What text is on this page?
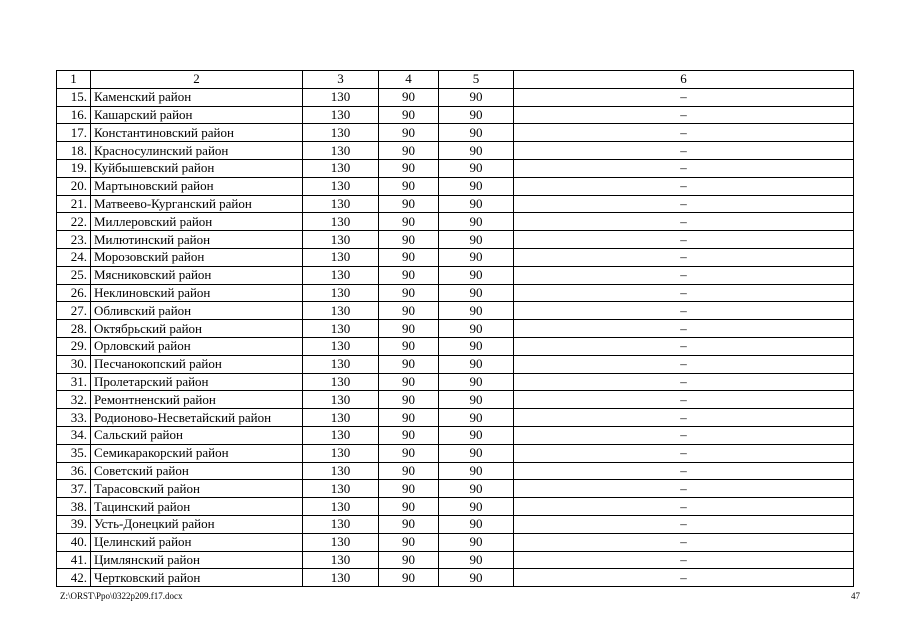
1	2	3	4	5	6
15.	Каменский район	130	90	90	–
16.	Кашарский район	130	90	90	–
17.	Константиновский район	130	90	90	–
18.	Красносулинский район	130	90	90	–
19.	Куйбышевский район	130	90	90	–
20.	Мартыновский район	130	90	90	–
21.	Матвеево-Курганский район	130	90	90	–
22.	Миллеровский район	130	90	90	–
23.	Милютинский район	130	90	90	–
24.	Морозовский район	130	90	90	–
25.	Мясниковский район	130	90	90	–
26.	Неклиновский район	130	90	90	–
27.	Обливский район	130	90	90	–
28.	Октябрьский район	130	90	90	–
29.	Орловский район	130	90	90	–
30.	Песчанокопский район	130	90	90	–
31.	Пролетарский район	130	90	90	–
32.	Ремонтненский район	130	90	90	–
33.	Родионово-Несветайский район	130	90	90	–
34.	Сальский район	130	90	90	–
35.	Семикаракорский район	130	90	90	–
36.	Советский район	130	90	90	–
37.	Тарасовский район	130	90	90	–
38.	Тацинский район	130	90	90	–
39.	Усть-Донецкий район	130	90	90	–
40.	Целинский район	130	90	90	–
41.	Цимлянский район	130	90	90	–
42.	Чертковский район	130	90	90	–
Z:\ORST\Ppo\0322p209.f17.docx	47
